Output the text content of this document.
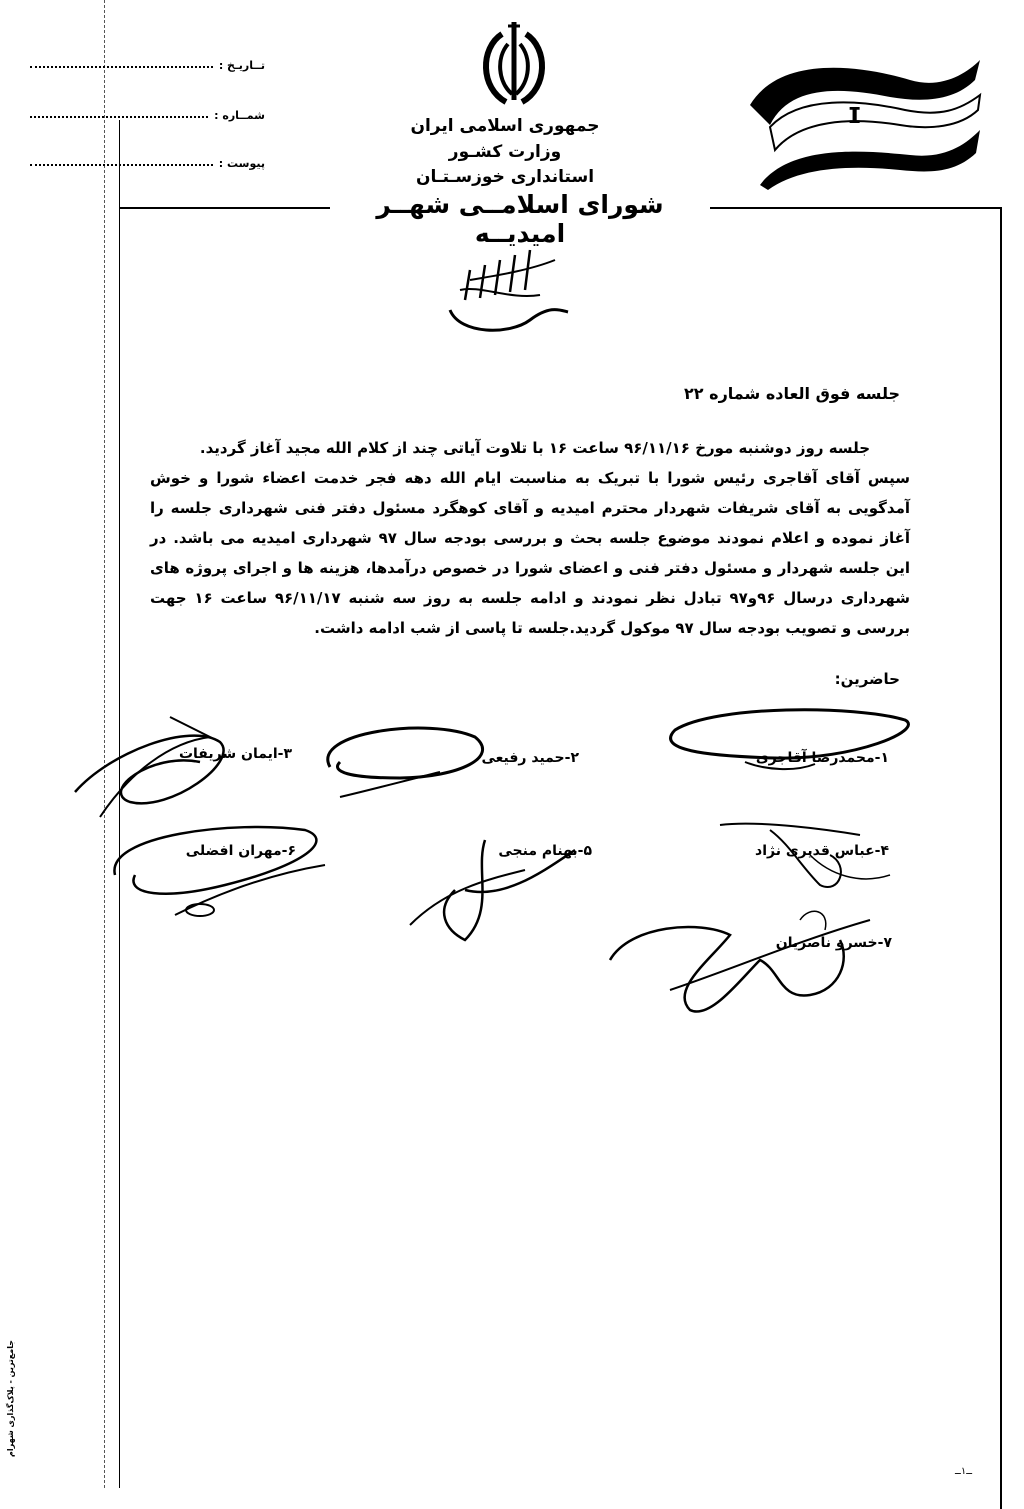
تــاریـخ :
شمــاره :
پیوست :
ⵊ
جمهوری اسلامی ایران
وزارت کشـور
استانداری خوزسـتـان
شورای اسلامــی شهــر امیدیــه
جلسه فوق العاده شماره ۲۲

جلسه روز دوشنبه مورخ ۹۶/۱۱/۱۶ ساعت ۱۶ با تلاوت آیاتی چند از کلام الله مجید آغاز گردید.

سپس آقای آقاجری رئیس شورا با تبریک به مناسبت ایام الله دهه فجر خدمت اعضاء شورا و خوش آمدگویی به آقای شریفات شهردار محترم امیدیه و آقای کوهگرد مسئول دفتر فنی شهرداری جلسه را آغاز نموده و اعلام نمودند موضوع جلسه بحث و بررسی بودجه سال ۹۷ شهرداری امیدیه می باشد. در این جلسه شهردار و مسئول دفتر فنی و اعضای شورا در خصوص درآمدها، هزینه ها و اجرای پروژه های شهرداری درسال ۹۶و۹۷ تبادل نظر نمودند و ادامه جلسه به روز سه شنبه ۹۶/۱۱/۱۷ ساعت ۱۶ جهت بررسی و تصویب بودجه سال ۹۷ موکول گردید.جلسه تا پاسی از شب ادامه داشت.

حاضرین:
۱-محمدرضا آقاجری
۲-حمید رفیعی
۳-ایمان شریفات
۴-عباس قدیری نژاد
۵-بهنام منجی
۶-مهران افضلی
۷-خسرو ناصریان
جامع‌ترین - پلاک‌گذاری شهرام
ــ۱ــ
